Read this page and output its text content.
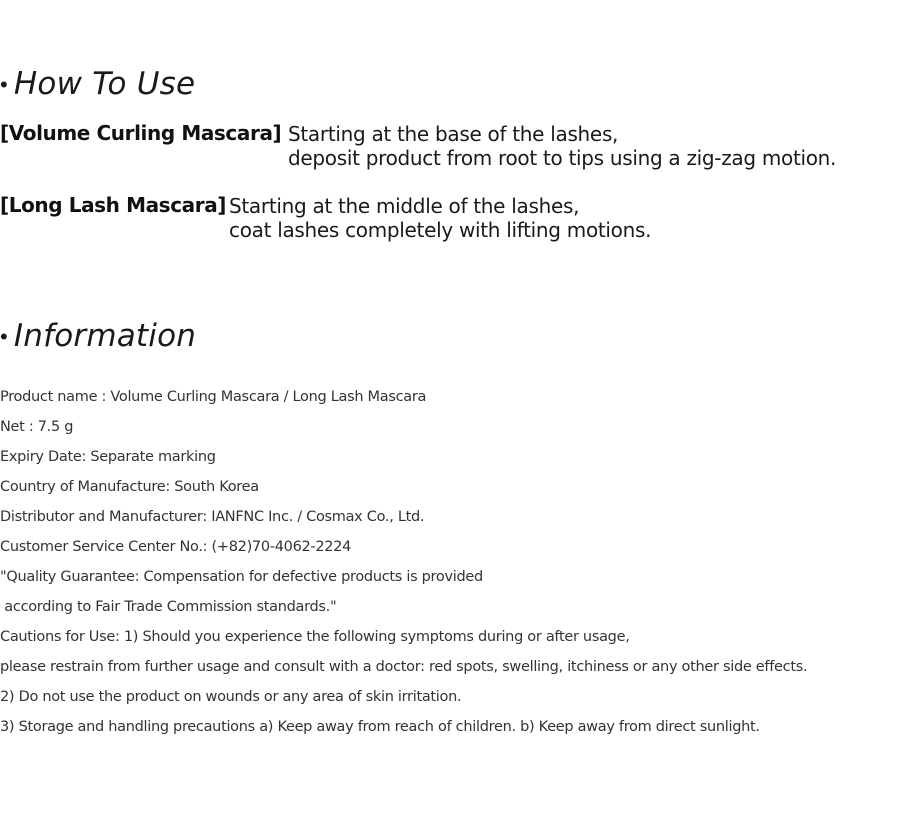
• How To Use
[Volume Curling Mascara] Starting at the base of the lashes,
deposit product from root to tips using a zig-zag motion.
[Long Lash Mascara] Starting at the middle of the lashes,
coat lashes completely with lifting motions.
• Information
Product name : Volume Curling Mascara / Long Lash Mascara
Net : 7.5 g
Expiry Date: Separate marking
Country of Manufacture: South Korea
Distributor and Manufacturer: IANFNC Inc. / Cosmax Co., Ltd.
Customer Service Center No.: (+82)70-4062-2224
"Quality Guarantee: Compensation for defective products is provided
according to Fair Trade Commission standards."
Cautions for Use: 1) Should you experience the following symptoms during or after usage,
please restrain from further usage and consult with a doctor: red spots, swelling, itchiness or any other side effects.
2) Do not use the product on wounds or any area of skin irritation.
3) Storage and handling precautions a) Keep away from reach of children. b) Keep away from direct sunlight.
